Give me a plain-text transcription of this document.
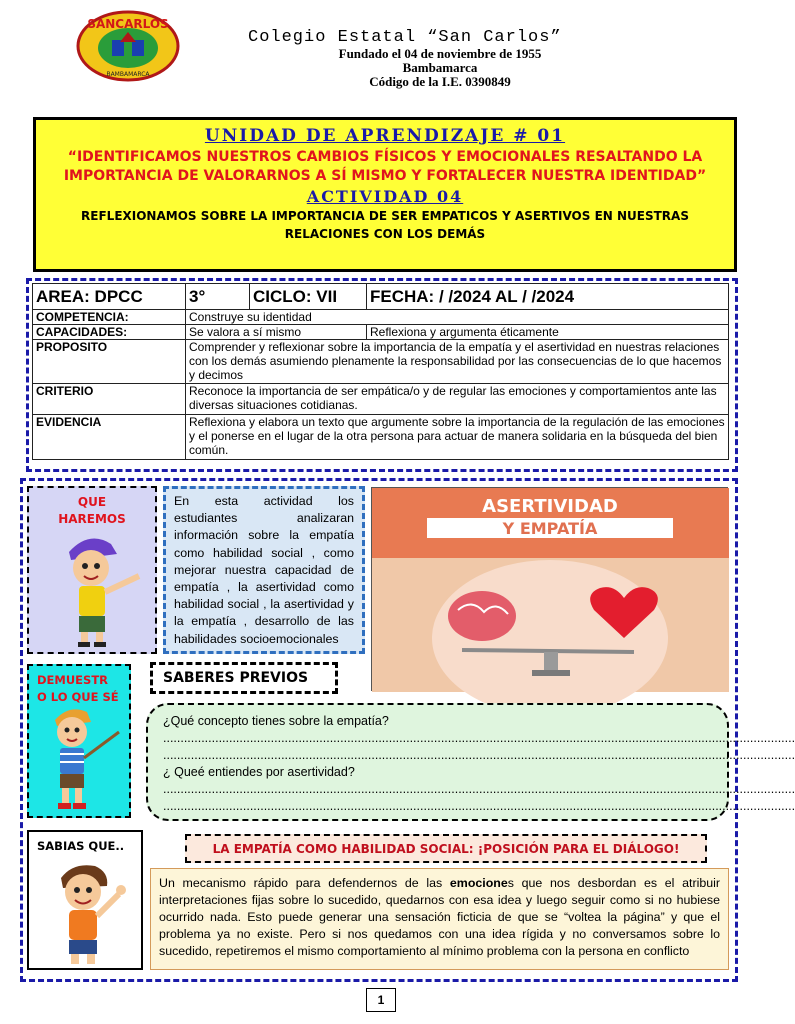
SANCARLOS
BAMBAMARCA
Colegio Estatal “San Carlos”
Fundado el 04 de noviembre de 1955
Bambamarca
Código de la I.E. 0390849
UNIDAD DE APRENDIZAJE # 01
“IDENTIFICAMOS NUESTROS CAMBIOS FÍSICOS Y EMOCIONALES RESALTANDO LA IMPORTANCIA DE VALORARNOS A SÍ MISMO Y FORTALECER NUESTRA IDENTIDAD”
ACTIVIDAD 04
REFLEXIONAMOS SOBRE LA IMPORTANCIA DE SER EMPATICOS Y ASERTIVOS EN NUESTRAS RELACIONES CON LOS DEMÁS
AREA: DPCC	3°	CICLO: VII	FECHA: / /2024 AL / /2024
COMPETENCIA:	Construye su identidad		
CAPACIDADES:	Se valora a sí mismo		Reflexiona y argumenta éticamente
PROPOSITO	Comprender y reflexionar sobre la importancia de la empatía y el asertividad en nuestras relaciones con los demás asumiendo plenamente la responsabilidad por las consecuencias de lo que hacemos y decimos		
CRITERIO	Reconoce la importancia de ser empática/o y de regular las emociones y comportamientos ante las diversas situaciones cotidianas.		
EVIDENCIA	Reflexiona y elabora un texto que argumente sobre la importancia de la regulación de las emociones y el ponerse en el lugar de la otra persona para actuar de manera solidaria en la búsqueda del bien común.		
QUE
HAREMOS
En esta actividad los estudiantes analizaran información sobre la empatía como habilidad social , como mejorar nuestra capacidad de empatía , la asertividad como habilidad social , la asertividad y la empatía , desarrollo de las habilidades socioemocionales
ASERTIVIDAD
Y EMPATÍA
DEMUESTR
O LO QUE SÉ
SABERES PREVIOS
¿Qué concepto tienes sobre la empatía?
......................................................................................................................................................................................
......................................................................................................................................................................................
¿ Queé entiendes por asertividad?
......................................................................................................................................................................................
......................................................................................................................................................................................
SABIAS QUE..	LA EMPATÍA COMO HABILIDAD SOCIAL: ¡POSICIÓN PARA EL DIÁLOGO!
Un mecanismo rápido para defendernos de las emociones que nos desbordan es el atribuir interpretaciones fijas sobre lo sucedido, quedarnos con esa idea y luego seguir como si no hubiese ocurrido nada. Esto puede generar una sensación ficticia de que se “voltea la página” y que el problema ya no existe. Pero si nos quedamos con una idea rígida y no conversamos sobre lo sucedido, repetiremos el mismo comportamiento al mínimo problema con la persona en conflicto
1
